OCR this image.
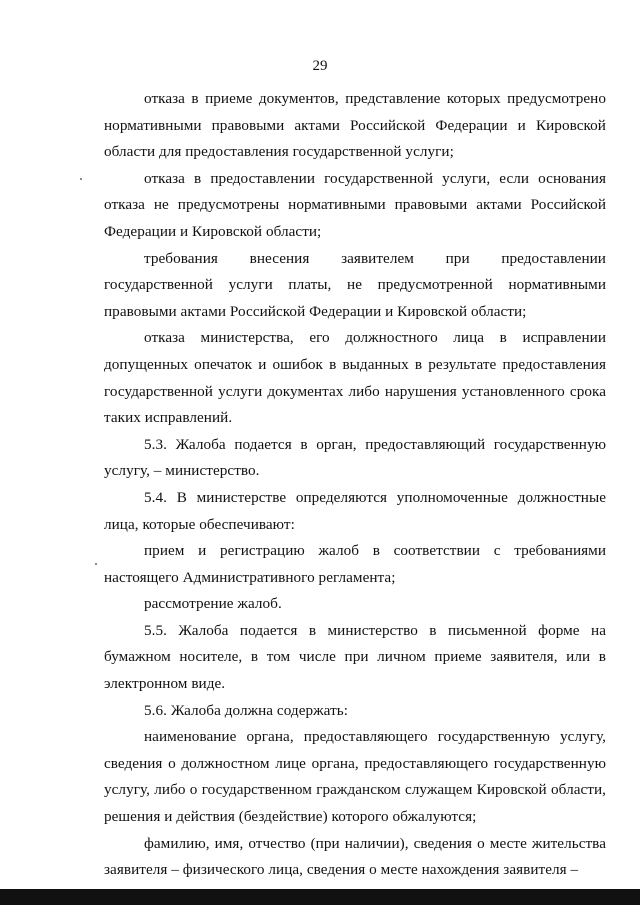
29

отказа в приеме документов, представление которых предусмотрено нормативными правовыми актами Российской Федерации и Кировской области для предоставления государственной услуги;

отказа в предоставлении государственной услуги, если основания отказа не предусмотрены нормативными правовыми актами Российской Федерации и Кировской области;

требования внесения заявителем при предоставлении государственной услуги платы, не предусмотренной нормативными правовыми актами Российской Федерации и Кировской области;

отказа министерства, его должностного лица в исправлении допущенных опечаток и ошибок в выданных в результате предоставления государственной услуги документах либо нарушения установленного срока таких исправлений.

5.3. Жалоба подается в орган, предоставляющий государственную услугу, – министерство.

5.4. В министерстве определяются уполномоченные должностные лица, которые обеспечивают:

прием и регистрацию жалоб в соответствии с требованиями настоящего Административного регламента;

рассмотрение жалоб.

5.5. Жалоба подается в министерство в письменной форме на бумажном носителе, в том числе при личном приеме заявителя, или в электронном виде.

5.6. Жалоба должна содержать:

наименование органа, предоставляющего государственную услугу, сведения о должностном лице органа, предоставляющего государственную услугу, либо о государственном гражданском служащем Кировской области, решения и действия (бездействие) которого обжалуются;

фамилию, имя, отчество (при наличии), сведения о месте жительства заявителя – физического лица, сведения о месте нахождения заявителя –
